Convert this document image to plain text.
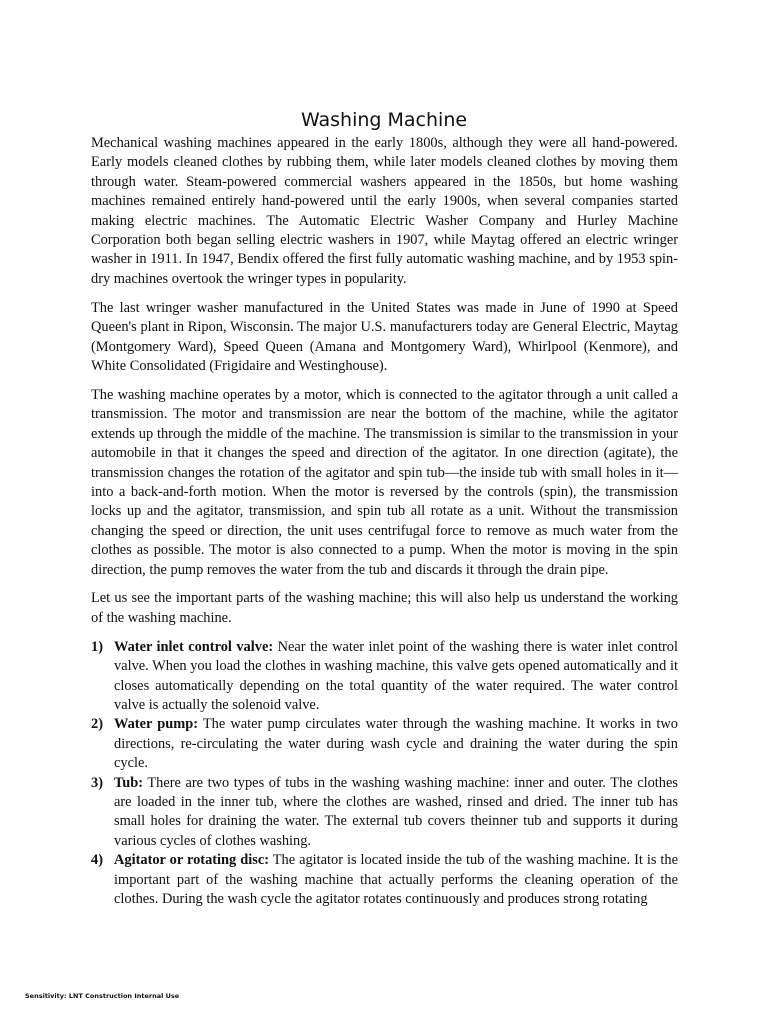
Washing Machine

Mechanical washing machines appeared in the early 1800s, although they were all hand-powered. Early models cleaned clothes by rubbing them, while later models cleaned clothes by moving them through water. Steam-powered commercial washers appeared in the 1850s, but home washing machines remained entirely hand-powered until the early 1900s, when several companies started making electric machines. The Automatic Electric Washer Company and Hurley Machine Corporation both began selling electric washers in 1907, while Maytag offered an electric wringer washer in 1911. In 1947, Bendix offered the first fully automatic washing machine, and by 1953 spin-dry machines overtook the wringer types in popularity.

The last wringer washer manufactured in the United States was made in June of 1990 at Speed Queen's plant in Ripon, Wisconsin. The major U.S. manufacturers today are General Electric, Maytag (Montgomery Ward), Speed Queen (Amana and Montgomery Ward), Whirlpool (Kenmore), and White Consolidated (Frigidaire and Westinghouse).

The washing machine operates by a motor, which is connected to the agitator through a unit called a transmission. The motor and transmission are near the bottom of the machine, while the agitator extends up through the middle of the machine. The transmission is similar to the transmission in your automobile in that it changes the speed and direction of the agitator. In one direction (agitate), the transmission changes the rotation of the agitator and spin tub—the inside tub with small holes in it—into a back-and-forth motion. When the motor is reversed by the controls (spin), the transmission locks up and the agitator, transmission, and spin tub all rotate as a unit. Without the transmission changing the speed or direction, the unit uses centrifugal force to remove as much water from the clothes as possible. The motor is also connected to a pump. When the motor is moving in the spin direction, the pump removes the water from the tub and discards it through the drain pipe.

Let us see the important parts of the washing machine; this will also help us understand the working of the washing machine.

1) Water inlet control valve: Near the water inlet point of the washing there is water inlet control valve. When you load the clothes in washing machine, this valve gets opened automatically and it closes automatically depending on the total quantity of the water required. The water control valve is actually the solenoid valve.
2) Water pump: The water pump circulates water through the washing machine. It works in two directions, re-circulating the water during wash cycle and draining the water during the spin cycle.
3) Tub: There are two types of tubs in the washing washing machine: inner and outer. The clothes are loaded in the inner tub, where the clothes are washed, rinsed and dried. The inner tub has small holes for draining the water. The external tub covers theinner tub and supports it during various cycles of clothes washing.
4) Agitator or rotating disc: The agitator is located inside the tub of the washing machine. It is the important part of the washing machine that actually performs the cleaning operation of the clothes. During the wash cycle the agitator rotates continuously and produces strong rotating
Sensitivity: LNT Construction Internal Use
